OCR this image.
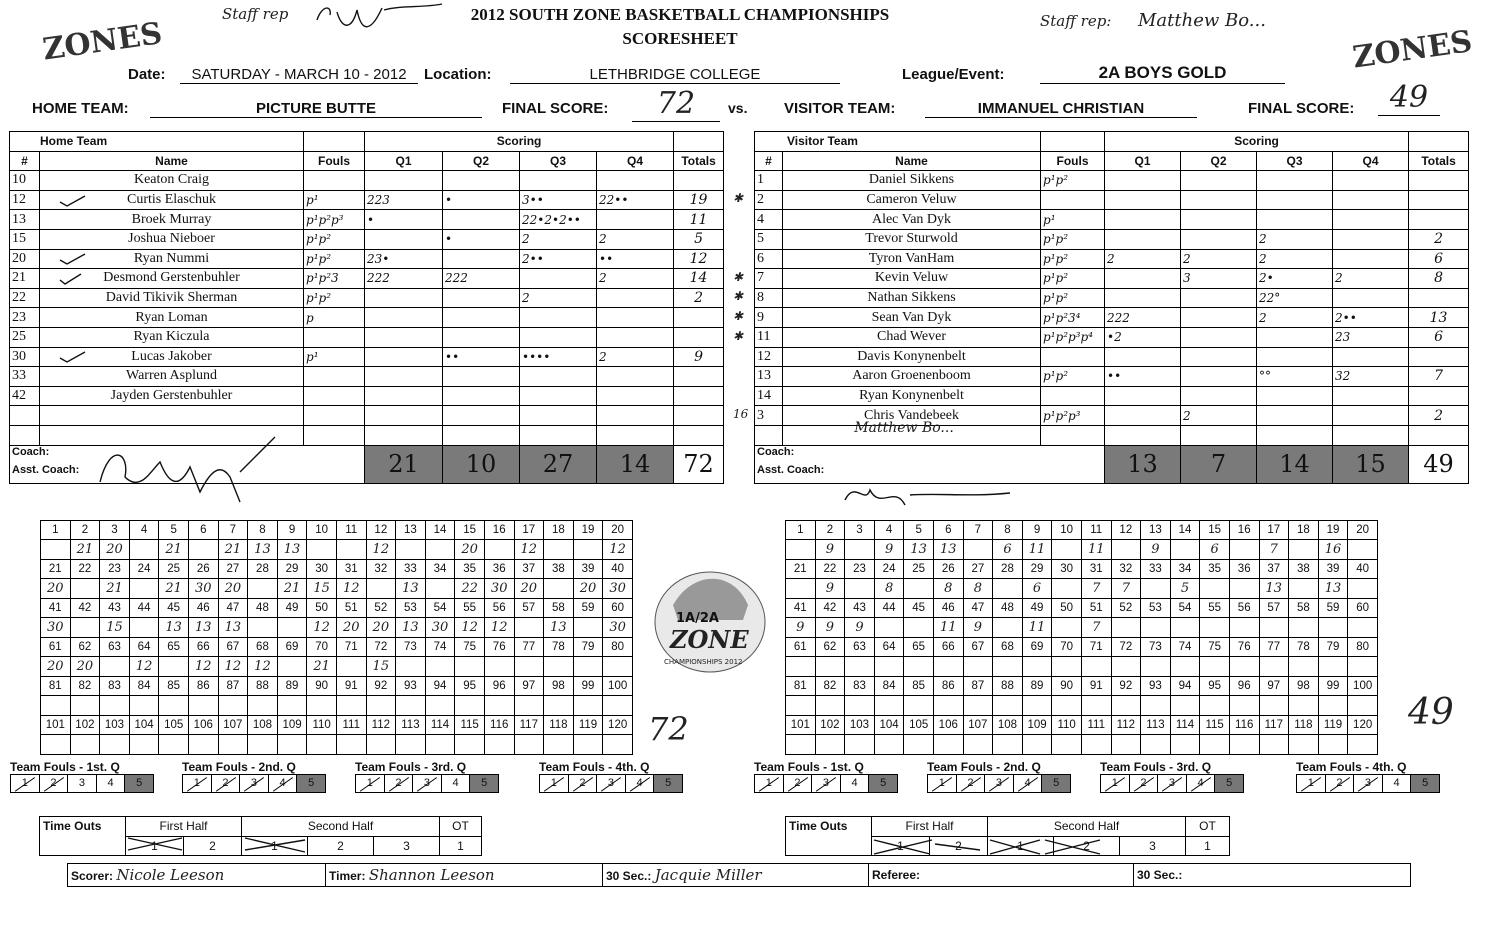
ZONES	ZONES
Staff rep	2012 SOUTH ZONE BASKETBALL CHAMPIONSHIPS
SCORESHEET
Staff rep: Matthew Bo...
Date:	SATURDAY - MARCH 10 - 2012	Location:	LETHBRIDGE COLLEGE	League/Event:	2A BOYS GOLD
HOME TEAM:	PICTURE BUTTE	FINAL SCORE:	72	vs. VISITOR TEAM:	IMMANUEL CHRISTIAN	FINAL SCORE:	49
Home Team			Scoring				
#	Name	Fouls	Q1	Q2	Q3	Q4	Totals
10	Keaton Craig						
12	Curtis Elaschuk	p¹	223	•	3••	22••	19
13	Broek Murray	p¹p²p³	•		22•2•2••		11
15	Joshua Nieboer	p¹p²		•	2	2	5
20	Ryan Nummi	p¹p²	23•		2••	••	12
21	Desmond Gerstenbuhler	p¹p²3	222	222		2	14
22	David Tikivik Sherman	p¹p²			2		2
23	Ryan Loman	p					
25	Ryan Kiczula						
30	Lucas Jakober	p¹		••	••••	2	9
33	Warren Asplund						
42	Jayden Gerstenbuhler						

Coach:
Asst. Coach:			21	10	27	14	72
Visitor Team			Scoring				
#	Name	Fouls	Q1	Q2	Q3	Q4	Totals
1	Daniel Sikkens	p¹p²					
2	Cameron Veluw						
4	Alec Van Dyk	p¹					
5	Trevor Sturwold	p¹p²			2		2
6	Tyron VanHam	p¹p²	2	2	2		6
7	Kevin Veluw	p¹p²		3	2•	2	8
8	Nathan Sikkens	p¹p²			22°		
9	Sean Van Dyk	p¹p²3⁴	222		2	2••	13
11	Chad Wever	p¹p²p³p⁴	•2			23	6
12	Davis Konynenbelt						
13	Aaron Groenenboom	p¹p²	••		°°	32	7
14	Ryan Konynenbelt						
3	Chris Vandebeek	p¹p²p³		2			2

Coach:
Matthew Bo...
Asst. Coach:			13	7	14	15	49
1	2	3	4	5	6	7	8	9	10	11	12	13	14	15	16	17	18	19	20
	21	20		21		21	13	13			12			20		12			12
21	22	23	24	25	26	27	28	29	30	31	32	33	34	35	36	37	38	39	40
20		21		21	30	20		21	15	12		13		22	30	20		20	30
41	42	43	44	45	46	47	48	49	50	51	52	53	54	55	56	57	58	59	60
30		15		13	13	13			12	20	20	13	30	12	12		13		30
61	62	63	64	65	66	67	68	69	70	71	72	73	74	75	76	77	78	79	80
20	20		12		12	12	12		21		15								
81	82	83	84	85	86	87	88	89	90	91	92	93	94	95	96	97	98	99	100

101	102	103	104	105	106	107	108	109	110	111	112	113	114	115	116	117	118	119	120

1	2	3	4	5	6	7	8	9	10	11	12	13	14	15	16	17	18	19	20
	9		9	13	13		6	11		11		9		6		7		16	
21	22	23	24	25	26	27	28	29	30	31	32	33	34	35	36	37	38	39	40
	9		8		8	8		6		7	7		5			13		13	
41	42	43	44	45	46	47	48	49	50	51	52	53	54	55	56	57	58	59	60
9	9	9			11	9		11		7									
61	62	63	64	65	66	67	68	69	70	71	72	73	74	75	76	77	78	79	80

81	82	83	84	85	86	87	88	89	90	91	92	93	94	95	96	97	98	99	100

101	102	103	104	105	106	107	108	109	110	111	112	113	114	115	116	117	118	119	120

72	49
1A/2A
ZONE
CHAMPIONSHIPS 2012
Time Outs	First Half		Second Half			OT
	1	2	1	2	3	1
Time Outs	First Half		Second Half			OT
	1	2	1	2	3	1
Scorer: Nicole Leeson	Timer: Shannon Leeson	30 Sec.: Jacquie Miller	Referee:	30 Sec.:
✱
✱
✱
✱
✱
16
Team Fouls - 1st. Q
1	2	3	4	5
Team Fouls - 2nd. Q
1	2	3	4	5
Team Fouls - 3rd. Q
1	2	3	4	5
Team Fouls - 4th. Q
1	2	3	4	5
Team Fouls - 1st. Q
1	2	3	4	5
Team Fouls - 2nd. Q
1	2	3	4	5
Team Fouls - 3rd. Q
1	2	3	4	5
Team Fouls - 4th. Q
1	2	3	4	5
